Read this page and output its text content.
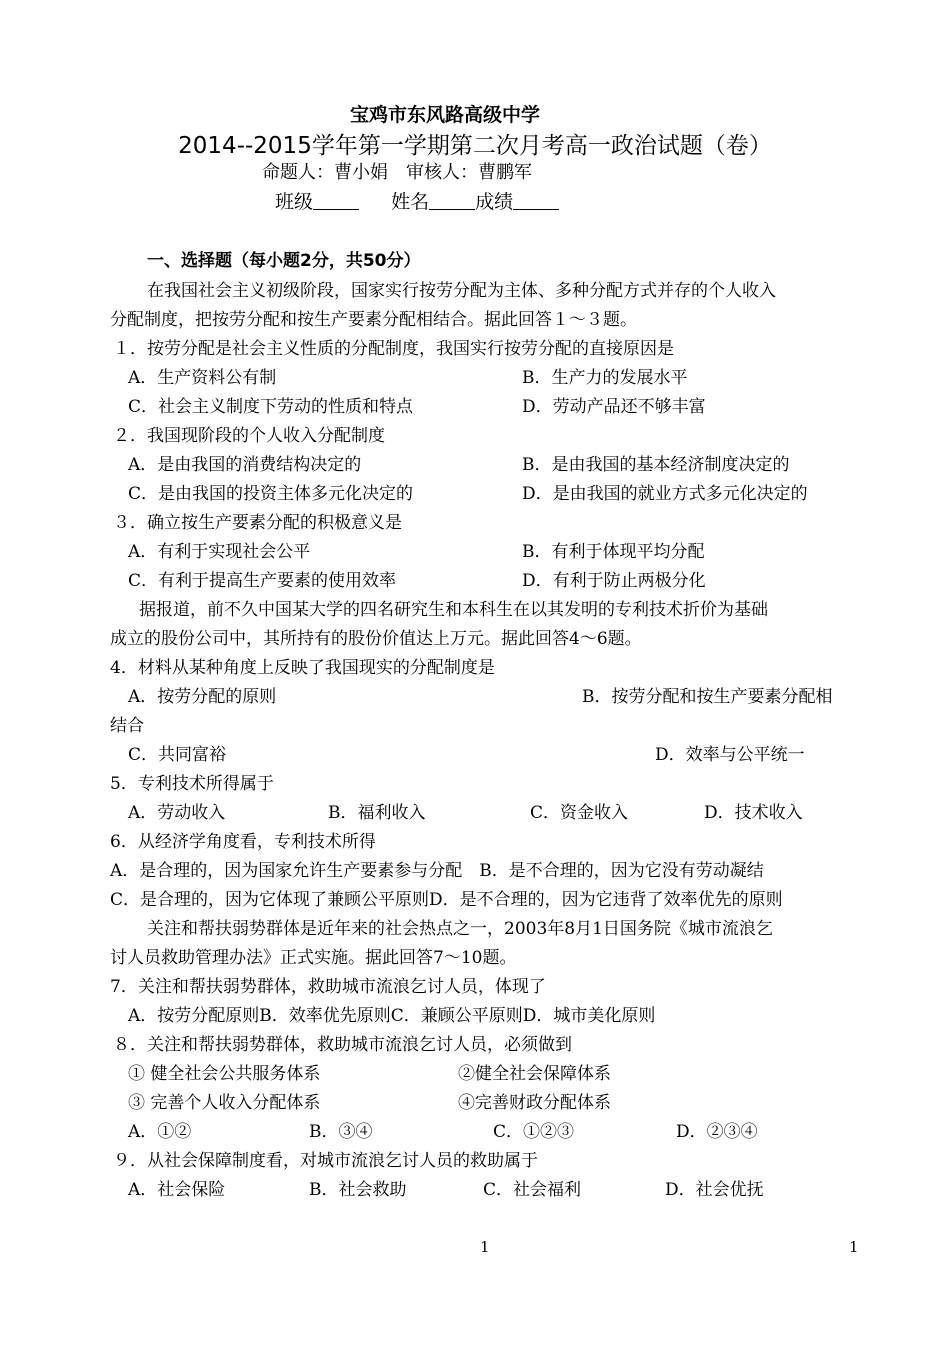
宝鸡市东风路高级中学
2014--2015学年第一学期第二次月考高一政治试题（卷）
命题人：曹小娟　审核人：曹鹏军
班级	姓名 成绩
一、选择题（每小题2分，共50分）
在我国社会主义初级阶段，国家实行按劳分配为主体、多种分配方式并存的个人收入
分配制度，把按劳分配和按生产要素分配相结合。据此回答１～３题。
１．按劳分配是社会主义性质的分配制度，我国实行按劳分配的直接原因是
A．生产资料公有制	B．生产力的发展水平
C．社会主义制度下劳动的性质和特点	D．劳动产品还不够丰富
２．我国现阶段的个人收入分配制度
A．是由我国的消费结构决定的	B．是由我国的基本经济制度决定的
C．是由我国的投资主体多元化决定的	D．是由我国的就业方式多元化决定的
３．确立按生产要素分配的积极意义是
A．有利于实现社会公平	B．有利于体现平均分配
C．有利于提高生产要素的使用效率	D．有利于防止两极分化
据报道，前不久中国某大学的四名研究生和本科生在以其发明的专利技术折价为基础
成立的股份公司中，其所持有的股份价值达上万元。据此回答4～6题。
4．材料从某种角度上反映了我国现实的分配制度是
A．按劳分配的原则	B．按劳分配和按生产要素分配相
结合
C．共同富裕	D．效率与公平统一
5．专利技术所得属于
A．劳动收入	B．福利收入	C．资金收入	D．技术收入
6．从经济学角度看，专利技术所得
A．是合理的，因为国家允许生产要素参与分配　B．是不合理的，因为它没有劳动凝结
C．是合理的，因为它体现了兼顾公平原则D．是不合理的，因为它违背了效率优先的原则
关注和帮扶弱势群体是近年来的社会热点之一，2003年8月1日国务院《城市流浪乞
讨人员救助管理办法》正式实施。据此回答7～10题。
7．关注和帮扶弱势群体，救助城市流浪乞讨人员，体现了
A．按劳分配原则B．效率优先原则C．兼顾公平原则D．城市美化原则
８．关注和帮扶弱势群体，救助城市流浪乞讨人员，必须做到
① 健全社会公共服务体系	②健全社会保障体系
③ 完善个人收入分配体系	④完善财政分配体系
A．①②	B．③④	C．①②③	D．②③④
９．从社会保障制度看，对城市流浪乞讨人员的救助属于
A．社会保险	B．社会救助	C．社会福利	D．社会优抚
1	1
